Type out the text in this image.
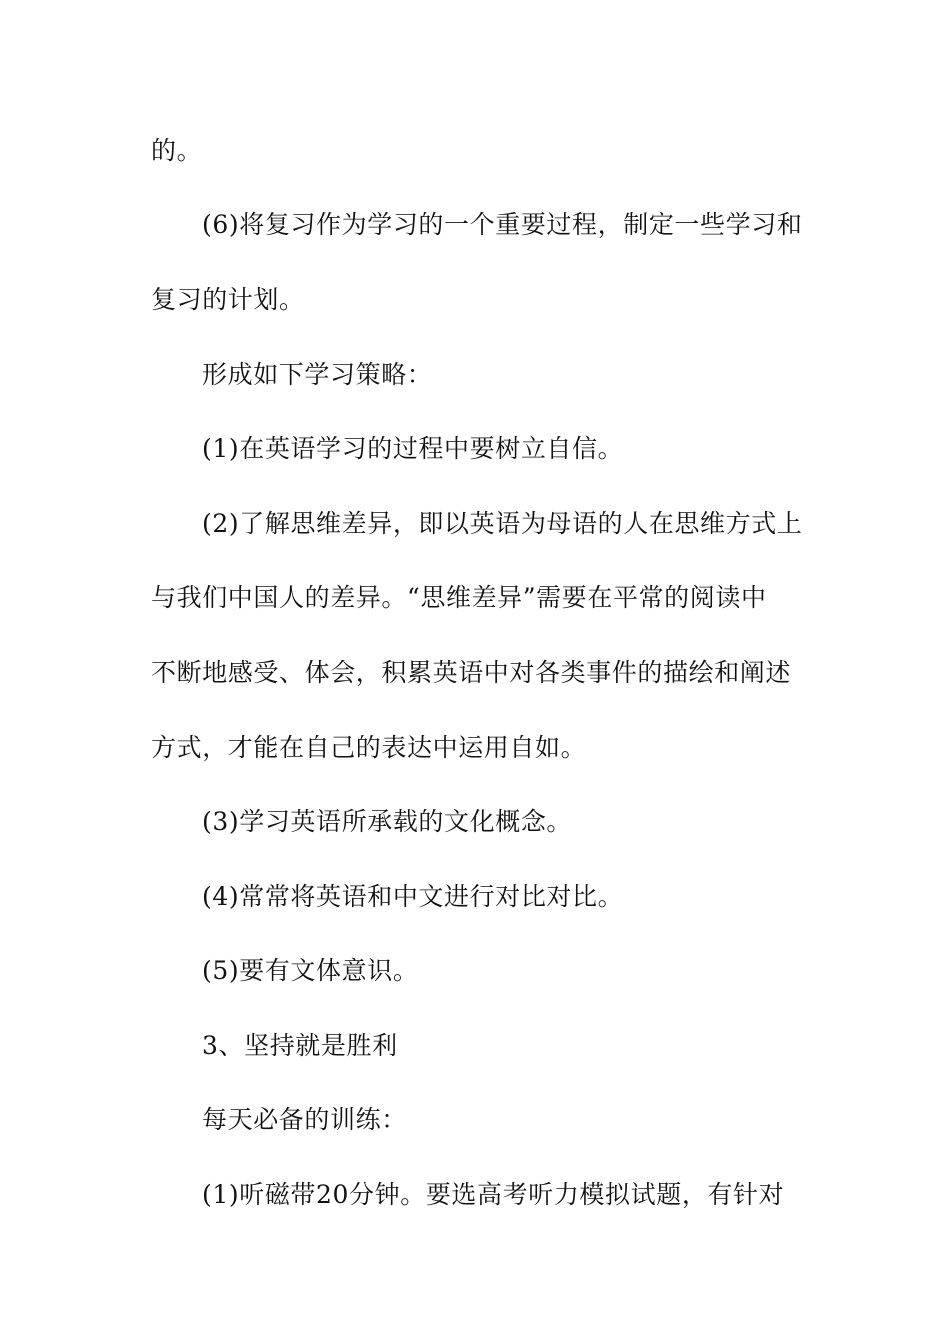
的。
(6)将复习作为学习的一个重要过程，制定一些学习和
复习的计划。
形成如下学习策略：
(1)在英语学习的过程中要树立自信。
(2)了解思维差异，即以英语为母语的人在思维方式上
与我们中国人的差异。“思维差异”需要在平常的阅读中
不断地感受、体会，积累英语中对各类事件的描绘和阐述
方式，才能在自己的表达中运用自如。
(3)学习英语所承载的文化概念。
(4)常常将英语和中文进行对比对比。
(5)要有文体意识。
3、坚持就是胜利
每天必备的训练：
(1)听磁带20分钟。要选高考听力模拟试题，有针对
